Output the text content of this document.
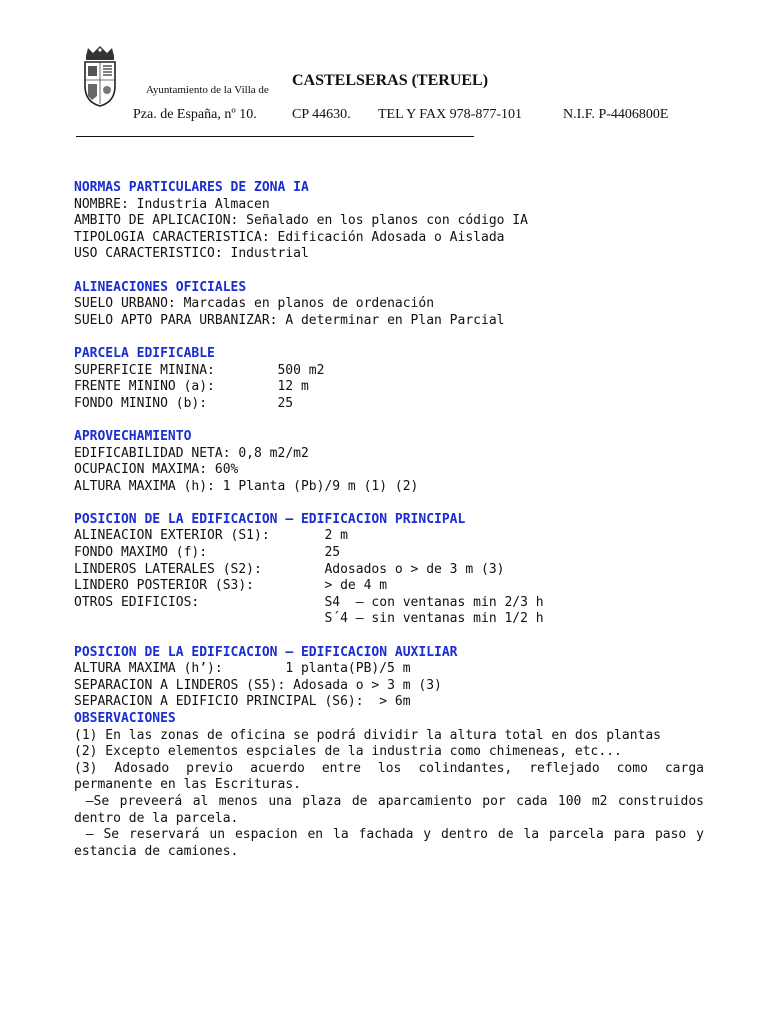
Ayuntamiento de la Villa de
CASTELSERAS (TERUEL)
Pza. de España, nº 10.	CP 44630. TEL Y FAX 978-877-101	N.I.F. P-4406800E
NORMAS PARTICULARES DE ZONA IA
NOMBRE: Industria Almacen
AMBITO DE APLICACION: Señalado en los planos con código IA
TIPOLOGIA CARACTERISTICA: Edificación Adosada o Aislada
USO CARACTERISTICO: Industrial
ALINEACIONES OFICIALES
SUELO URBANO: Marcadas en planos de ordenación
SUELO APTO PARA URBANIZAR: A determinar en Plan Parcial
PARCELA EDIFICABLE
SUPERFICIE MININA:	500 m2
FRENTE MININO (a):	12 m
FONDO MININO (b):	25
APROVECHAMIENTO
EDIFICABILIDAD NETA: 0,8 m2/m2
OCUPACION MAXIMA: 60%
ALTURA MAXIMA (h): 1 Planta (Pb)/9 m (1) (2)
POSICION DE LA EDIFICACION – EDIFICACION PRINCIPAL
ALINEACION EXTERIOR (S1):	2 m
FONDO MAXIMO (f):	25
LINDEROS LATERALES (S2):	Adosados o > de 3 m (3)
LINDERO POSTERIOR (S3):	> de 4 m
OTROS EDIFICIOS:	S4  – con ventanas min 2/3 h
S´4 – sin ventanas min 1/2 h
POSICION DE LA EDIFICACION – EDIFICACION AUXILIAR
ALTURA MAXIMA (h’):	1 planta(PB)/5 m
SEPARACION A LINDEROS (S5): Adosada o > 3 m (3)
SEPARACION A EDIFICIO PRINCIPAL (S6):  > 6m
OBSERVACIONES
(1) En las zonas de oficina se podrá dividir la altura total en dos plantas
(2) Excepto elementos espciales de la industria como chimeneas, etc...
(3) Adosado previo acuerdo entre los colindantes, reflejado como carga permanente en las Escrituras.
–Se preveerá al menos una plaza de aparcamiento por cada 100 m2 construidos dentro de la parcela.
– Se reservará un espacion en la fachada y dentro de la parcela para paso y estancia de camiones.
